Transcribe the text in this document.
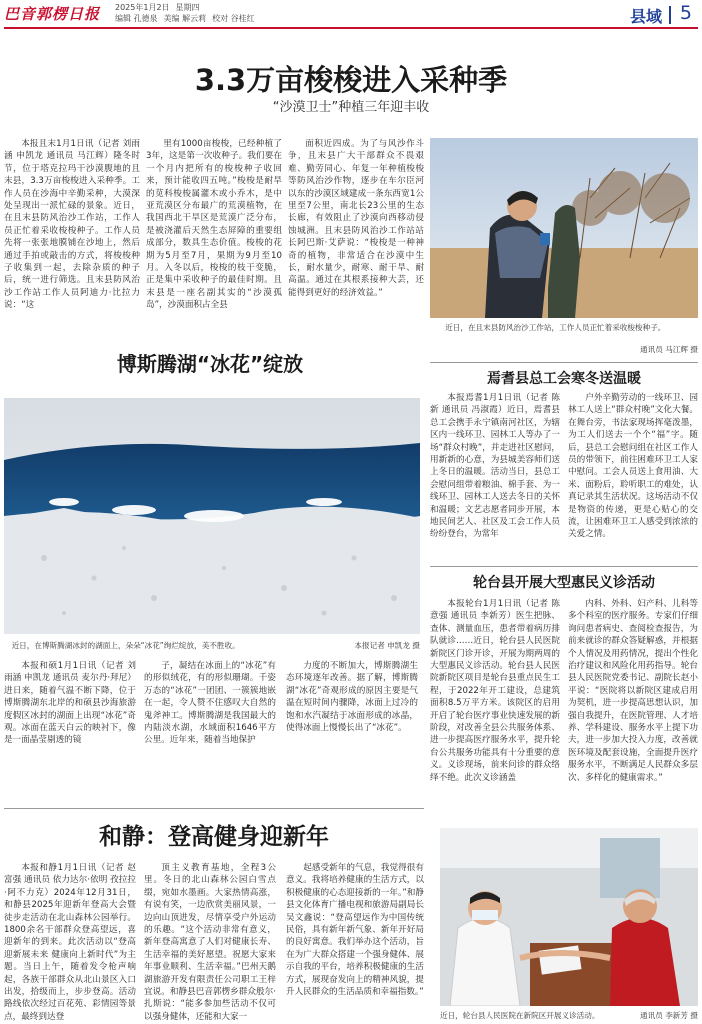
巴音郭楞日报 2025年1月2日 星期四
编辑 孔德泉 美编 解云莉 校对 谷桂红	县域 5
3.3万亩梭梭进入采种季
“沙漠卫士”种植三年迎丰收

本报且末1月1日讯（记者 刘雨涵 申凯龙 通讯员 马江辉）隆冬时节，位于塔克拉玛干沙漠腹地的且末县，3.3万亩梭梭进入采种季。工作人员在沙海中辛勤采种，大漠深处呈现出一派忙碌的景象。近日，在且末县防风治沙工作站，工作人员正忙着采收梭梭种子。工作人员先将一张张地膜铺在沙地上，然后通过手拍或敲击的方式，将梭梭种子收集到一起，去除杂质的种子后，统一进行筛选。且末县防风治沙工作站工作人员阿迪力·比拉力说：“这

里有1000亩梭梭，已经种植了3年，这是第一次收种子。我们要在一个月内把所有的梭梭种子收回来，预计能收四五吨。”梭梭是耐旱的苋科梭梭属灌木或小乔木，是中亚荒漠区分布最广的荒漠植物，在我国西北干旱区是荒漠广泛分布，是被浇灌后天然生态屏障的重要组成部分，数具生态价值。梭梭的花期为5月至7月，果期为9月至10月。入冬以后，梭梭的枝干变脆，正是集中采收种子的最佳时期。且末县是一座名副其实的“沙漠孤岛”，沙漠面积占全县

面积近四成。为了与风沙作斗争，且末县广大干部群众不畏艰难、勤劳同心、年复一年种植梭梭等防风治沙作物，逐步在车尔臣河以东的沙漠区域建成一条东西宽1公里至7公里，南北长23公里的生态长廊，有效阻止了沙漠向西移动侵蚀城洲。且末县防风治沙工作站站长阿巴斯·艾萨说：“梭梭是一种神奇的植物，非常适合在沙漠中生长，耐水量少，耐寒、耐干旱、耐高温。通过在其根系接种大芸，还能得到更好的经济效益。”

近日，在且末县防风治沙工作站，工作人员正忙着采收梭梭种子。
通讯员 马江辉 摄
博斯腾湖“冰花”绽放
近日，在博斯腾湖冰封的湖面上，朵朵“冰花”绚烂绽放，美不胜收。	本报记者 申凯龙 摄

本报和硕1月1日讯（记者 刘雨涵 申凯龙 通讯员 麦尔丹·拜尼）进日来，随着气温不断下降，位于博斯腾湖东北岸的和硕县沙海旅游度假区冰封的湖面上出现“冰花”奇观。冰面在蓝天白云的映衬下，像是一面晶莹剔透的镜

子，凝结在冰面上的“冰花”有的形似绒花，有的形似珊瑚。千姿万态的“冰花”一团团、一簇簇地嵌在一起，令人赞不住感叹大自然的鬼斧神工。博斯腾湖是我国最大的内陆淡水湖，水域面积1646平方公里。近年来，随着当地保护

力度的不断加大，博斯腾湖生态环境逐年改善。据了解，博斯腾湖“冰花”奇观形成的原因主要是气温在短时间内骤降，冰面上过冷的饱和水汽凝结于冰面形成的冰晶，使得冰面上慢慢长出了“冰花”。

焉耆县总工会寒冬送温暖

本报焉耆1月1日讯（记者 陈新 通讯员 冯淑霞）近日，焉耆县总工会携手永宁镇南河社区，为辖区内一线环卫、园林工人等办了一场“群众村晚”，并走进社区慰问，用新新的心意，为县城美容师们送上冬日的温暖。活动当日，县总工会慰问组带着粮油、棉手套、为一线环卫、园林工人送去冬日的关怀和温暖；文艺志愿者同步开展，本地民间艺人、社区及工会工作人员纷纷登台，为常年

户外辛勤劳动的一线环卫、园林工人送上“群众村晚”文化大餐。在舞台旁，书法家现场挥毫泼墨，为工人们送去一个个“福”字。随后，县总工会慰问组在社区工作人员的带领下，前往困难环卫工人家中慰问。工会人员送上食用油、大米、面粉后，聆听职工的难处，认真记录其生活状况。这场活动不仅是物资的传递，更是心贴心的交流，让困难环卫工人感受到浓浓的关爱之情。

轮台县开展大型惠民义诊活动

本报轮台1月1日讯（记者 陈意强 通讯员 李新芳）医生把脉、查体、测量血压，患者带着病历排队就诊……近日，轮台县人民医院新院区门诊开诊，开展为期两周的大型惠民义诊活动。轮台县人民医院新院区项目是轮台县重点民生工程，于2022年开工建设，总建筑面积8.5万平方米。该院区的启用开启了轮台医疗事业快速发展的新阶段，对改善全县公共服务体系、进一步提高医疗服务水平，提升轮台公共服务功能具有十分重要的意义。义诊现场，前来问诊的群众络绎不绝。此次义诊涵盖

内科、外科、妇产科、儿科等多个科室的医疗服务。专家们仔细询问患者病史、查阅检查报告，为前来就诊的群众答疑解惑，并根据个人情况及用药情况，提出个性化治疗建议和风险化用药指导。轮台县人民医院党委书记、副院长赵小平说：“医院将以新院区建成启用为契机，进一步提高思想认识，加强自我提升，在医院管理、人才培养、学科建设、服务水平上提下功夫，进一步加大投入力度，改善就医环境及配套设施，全面提升医疗服务水平，不断满足人民群众多层次、多样化的健康需求。”

近日，轮台县人民医院在新院区开展义诊活动。	通讯员 李新芳 摄
和静：登高健身迎新年

本报和静1月1日讯（记者 赵富强 通讯员 依力达尔·依明 孜拉拉·阿不力克）2024年12月31日，和静县2025年迎新年登高大会暨徒步走活动在北山森林公园举行。1800余名干部群众登高望远，喜迎新年的到来。此次活动以“登高迎新展未来 健康向上新时代”为主题。当日上午，随着发令枪声响起，各族干部群众从北山景区入口出发，拾级而上，步步登高。活动路线依次经过百花苑、彩情园等景点，最终到达登

顶主义教育基地，全程3公里。冬日的北山森林公园白雪点缀，宛如水墨画。大家热情高涨，有说有笑，一边欣赏美丽风景，一边向山顶进发，尽情享受户外运动的乐趣。“这个活动非常有意义，新年登高寓意了人们对健康长寿、生活幸福的美好愿望。祝愿大家来年事业顺利、生活幸福。”巴州天鹅湖旅游开发有限责任公司职工王梓宜说。和静县巴音郭楞乡群众般尔·扎斯说：“能多参加些活动不仅可以强身健体，还能和大家一

起感受新年的气息，我觉得很有意义。我将培养健康的生活方式，以积极健康的心态迎接新的一年。”和静县文化体育广播电视和旅游局副局长吴文鑫说：“登高望远作为中国传统民俗，具有新年新气象、新年开好局的良好寓意。我们举办这个活动，旨在为广大群众搭建一个强身健体、展示自我的平台，培养积极健康的生活方式，展现奋发向上的精神风貌，提升人民群众的生活品质和幸福指数。”
